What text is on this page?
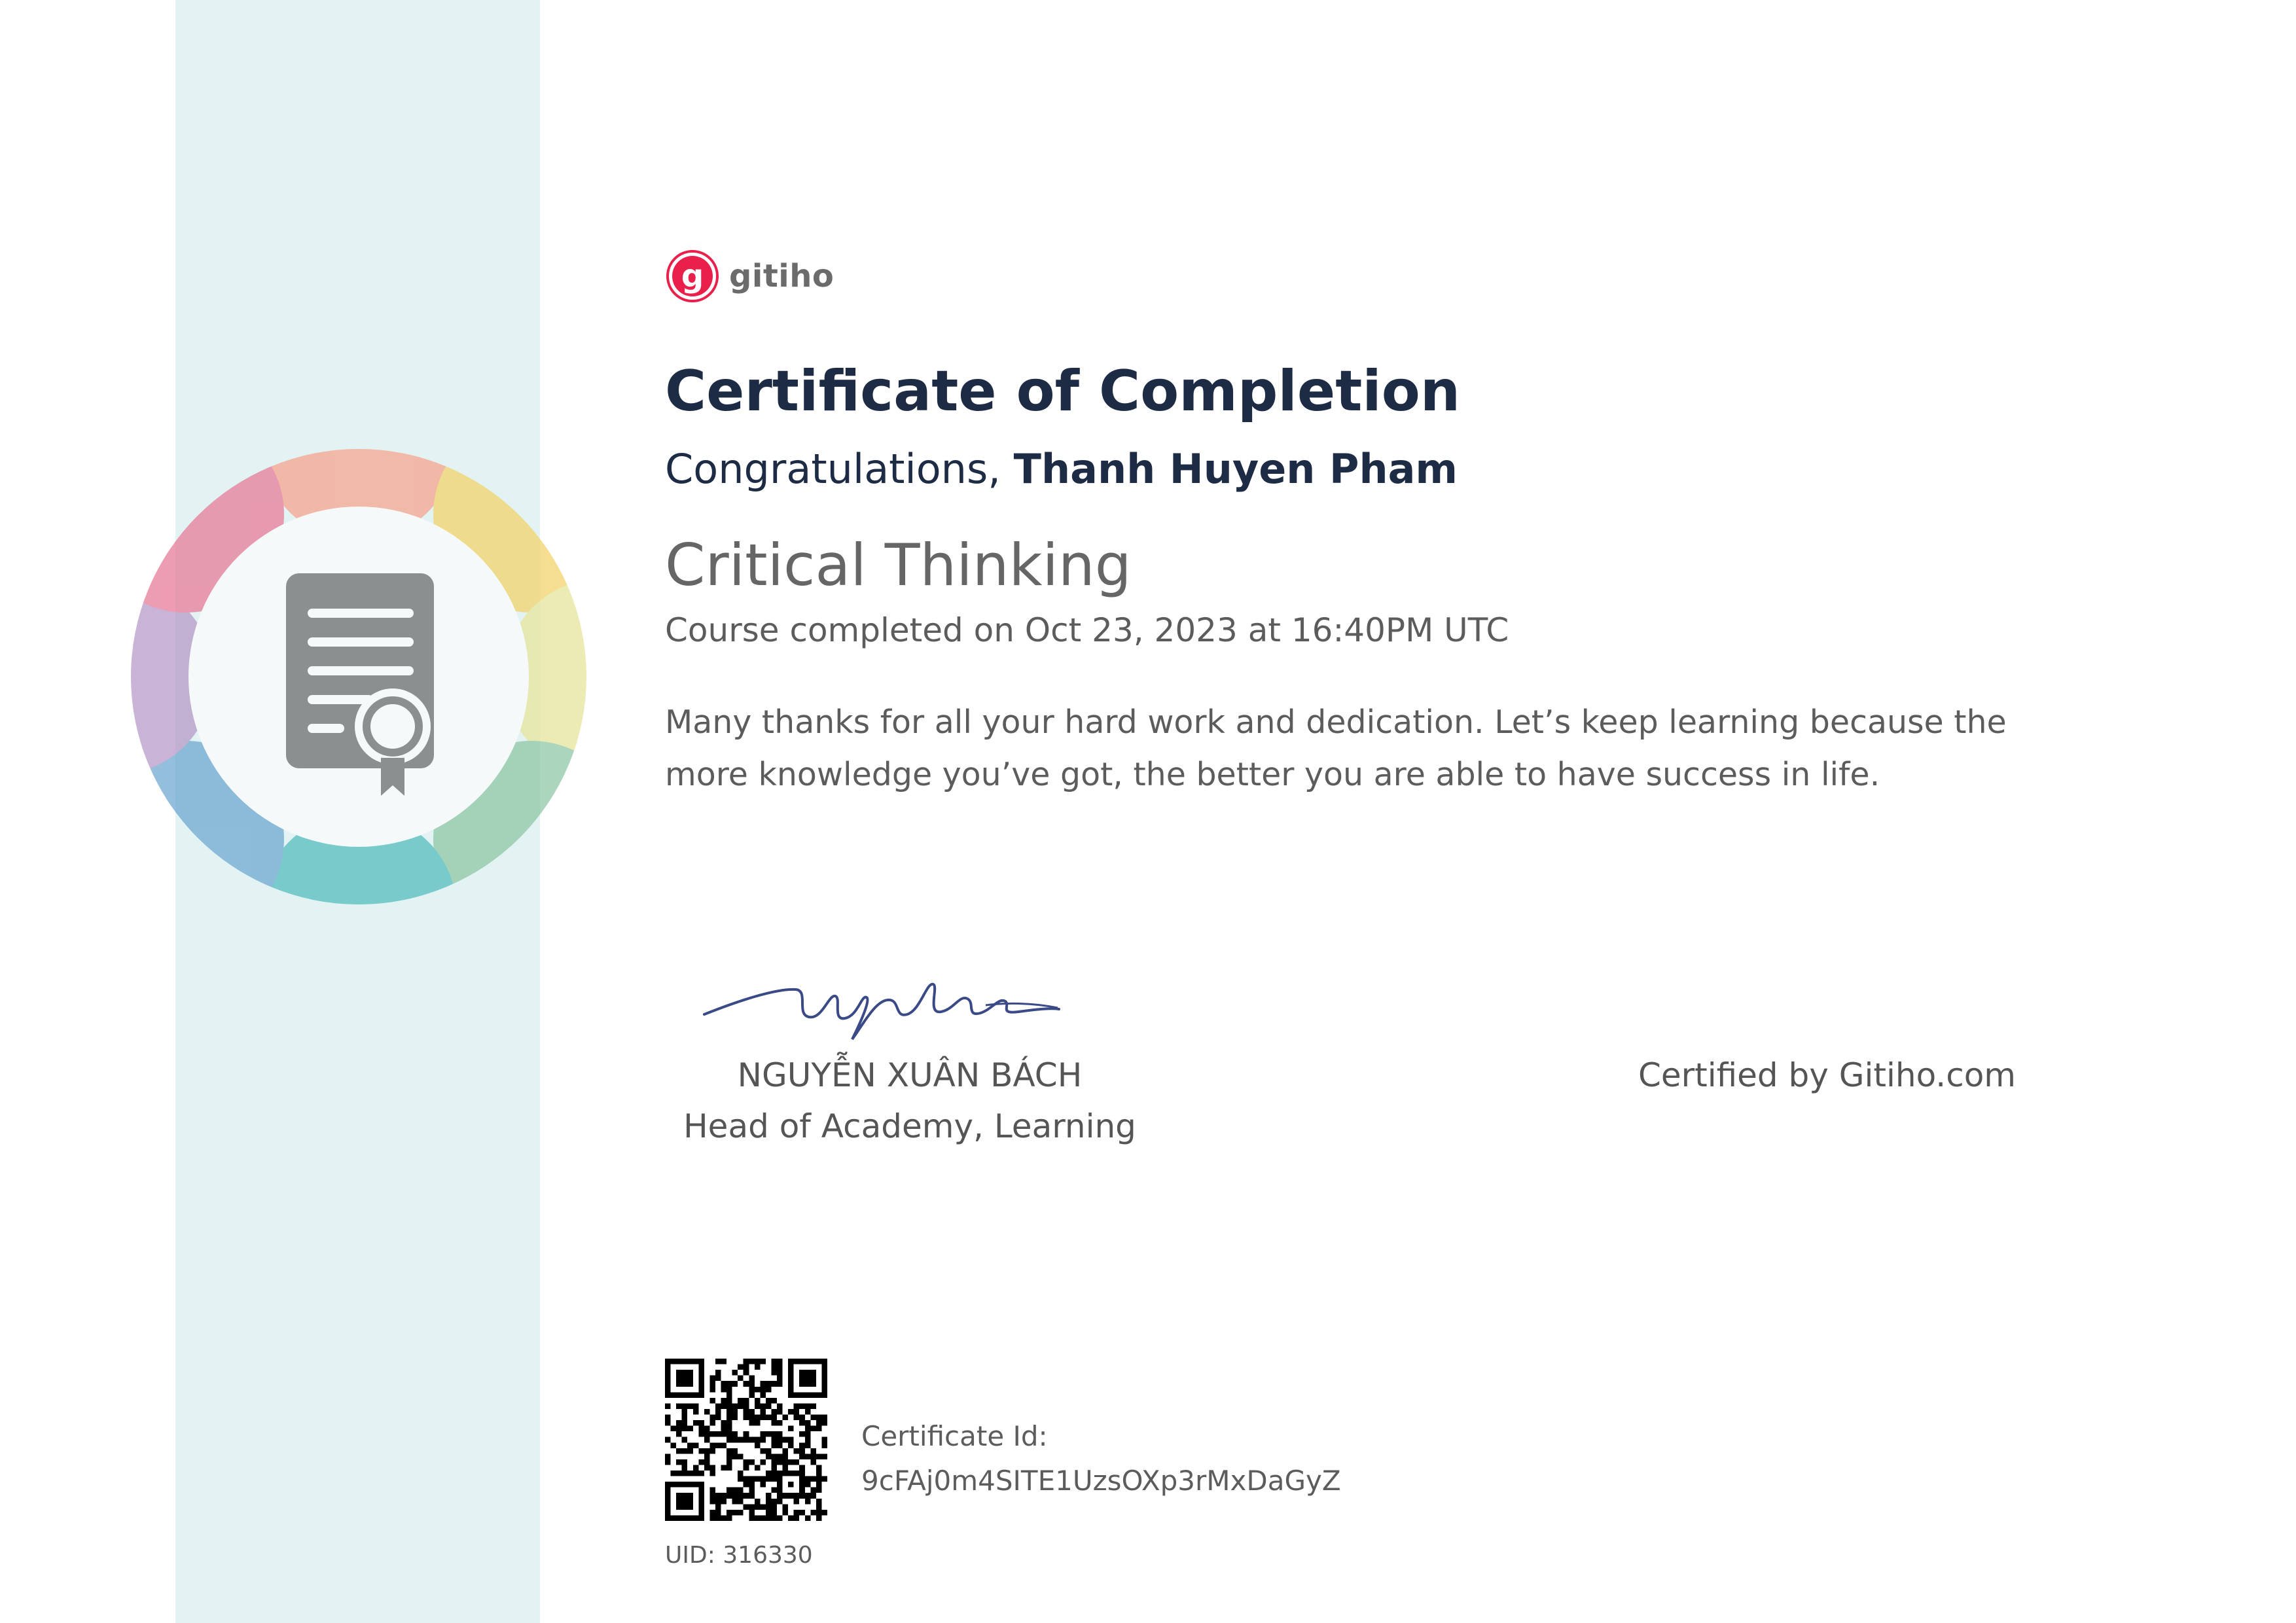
g gitiho
Certificate of Completion
Congratulations, Thanh Huyen Pham
Critical Thinking
Course completed on Oct 23, 2023 at 16:40PM UTC
Many thanks for all your hard work and dedication. Let’s keep learning because the more knowledge you’ve got, the better you are able to have success in life.
NGUYỄN XUÂN BÁCH
Head of Academy, Learning
Certified by Gitiho.com
Certificate Id:
9cFAj0m4SITE1UzsOXp3rMxDaGyZ
UID: 316330
